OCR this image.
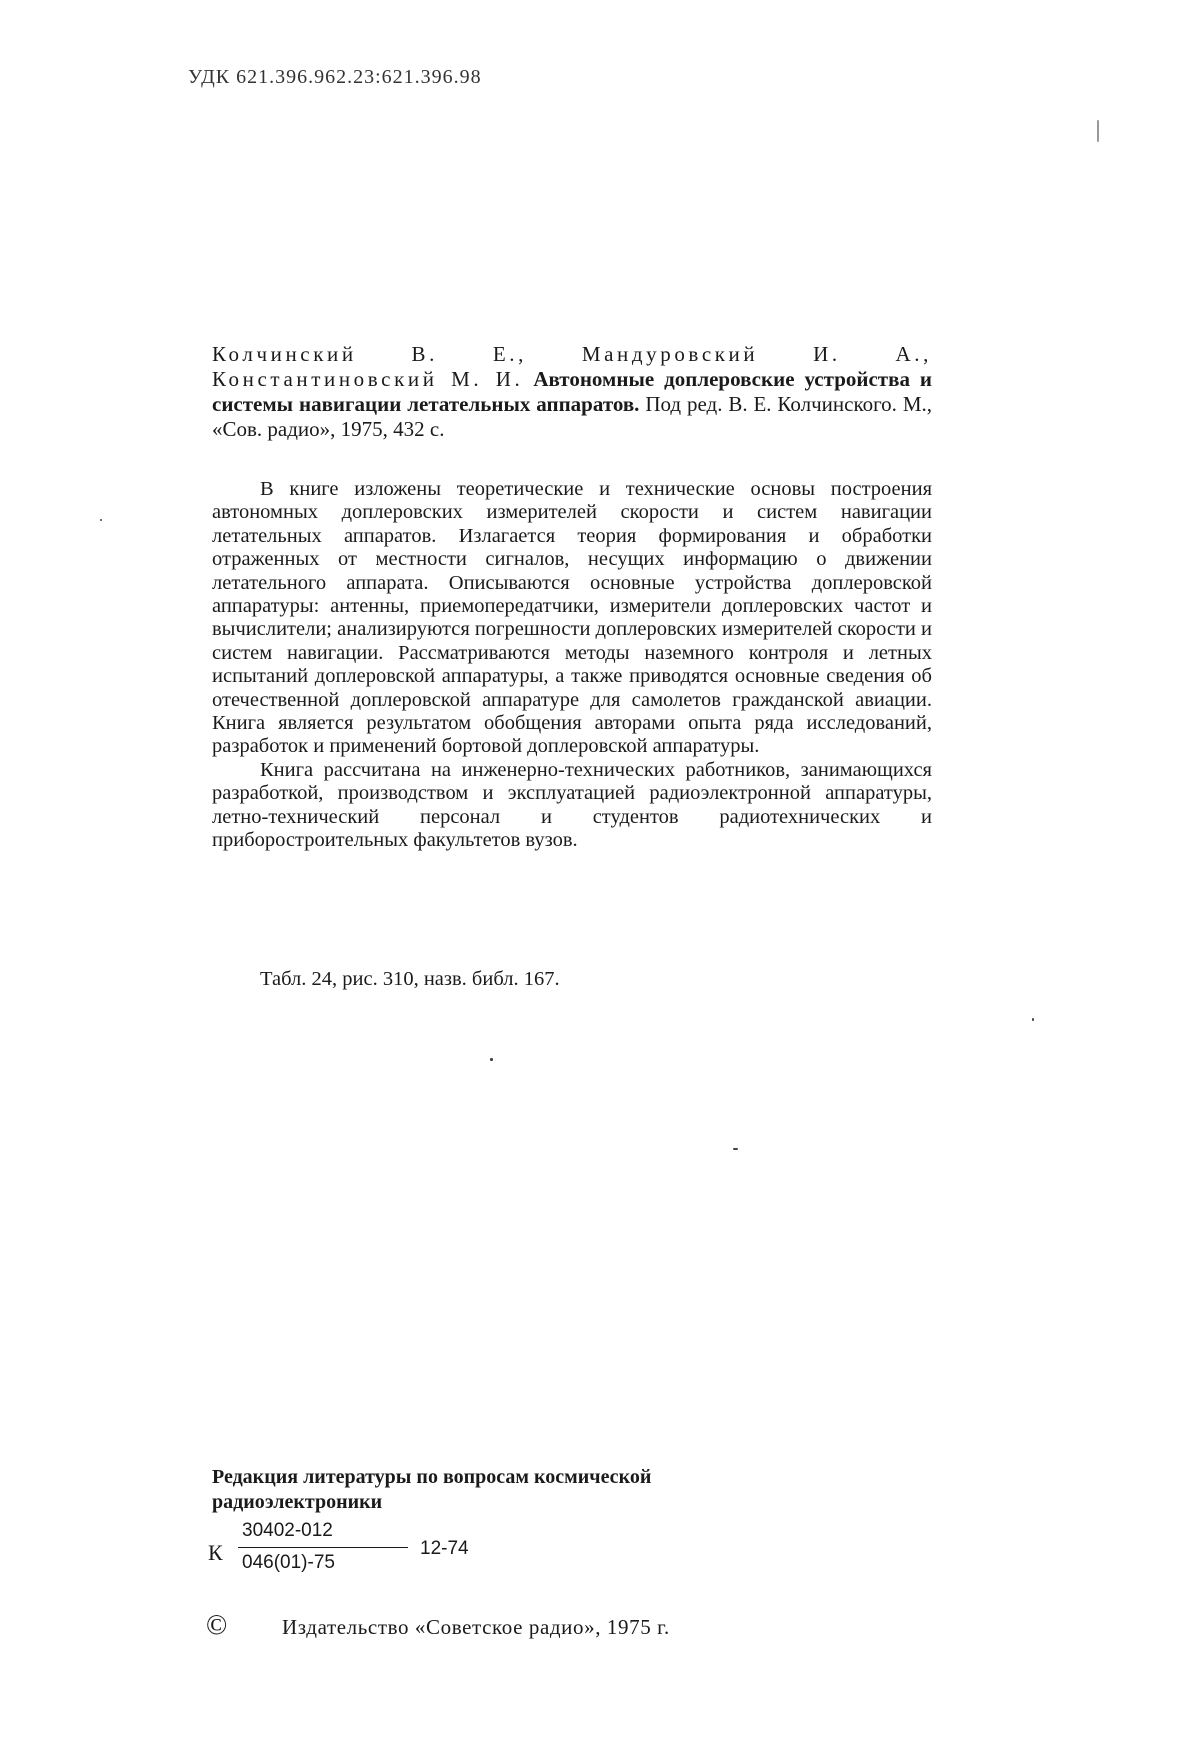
УДК 621.396.962.23:621.396.98
Колчинский В. Е., Мандуровский И. А., Константиновский М. И. Автономные доплеровские устройства и системы навигации летательных аппаратов. Под ред. В. Е. Колчинского. М., «Сов. радио», 1975, 432 с.

В книге изложены теоретические и технические основы построения автономных доплеровских измерителей скорости и систем навигации летательных аппаратов. Излагается теория формирования и обработки отраженных от местности сигналов, несущих информацию о движении летательного аппарата. Описываются основные устройства доплеровской аппаратуры: антенны, приемопередатчики, измерители доплеровских частот и вычислители; анализируются погрешности доплеровских измерителей скорости и систем навигации. Рассматриваются методы наземного контроля и летных испытаний доплеровской аппаратуры, а также приводятся основные сведения об отечественной доплеровской аппаратуре для самолетов гражданской авиации. Книга является результатом обобщения авторами опыта ряда исследований, разработок и применений бортовой доплеровской аппаратуры.

Книга рассчитана на инженерно-технических работников, занимающихся разработкой, производством и эксплуатацией радиоэлектронной аппаратуры, летно-технический персонал и студентов радиотехнических и приборостроительных факультетов вузов.

Табл. 24, рис. 310, назв. библ. 167.
Редакция литературы по вопросам космической радиоэлектроники
К
30402-012
046(01)-75
12-74
©	Издательство «Советское радио», 1975 г.
